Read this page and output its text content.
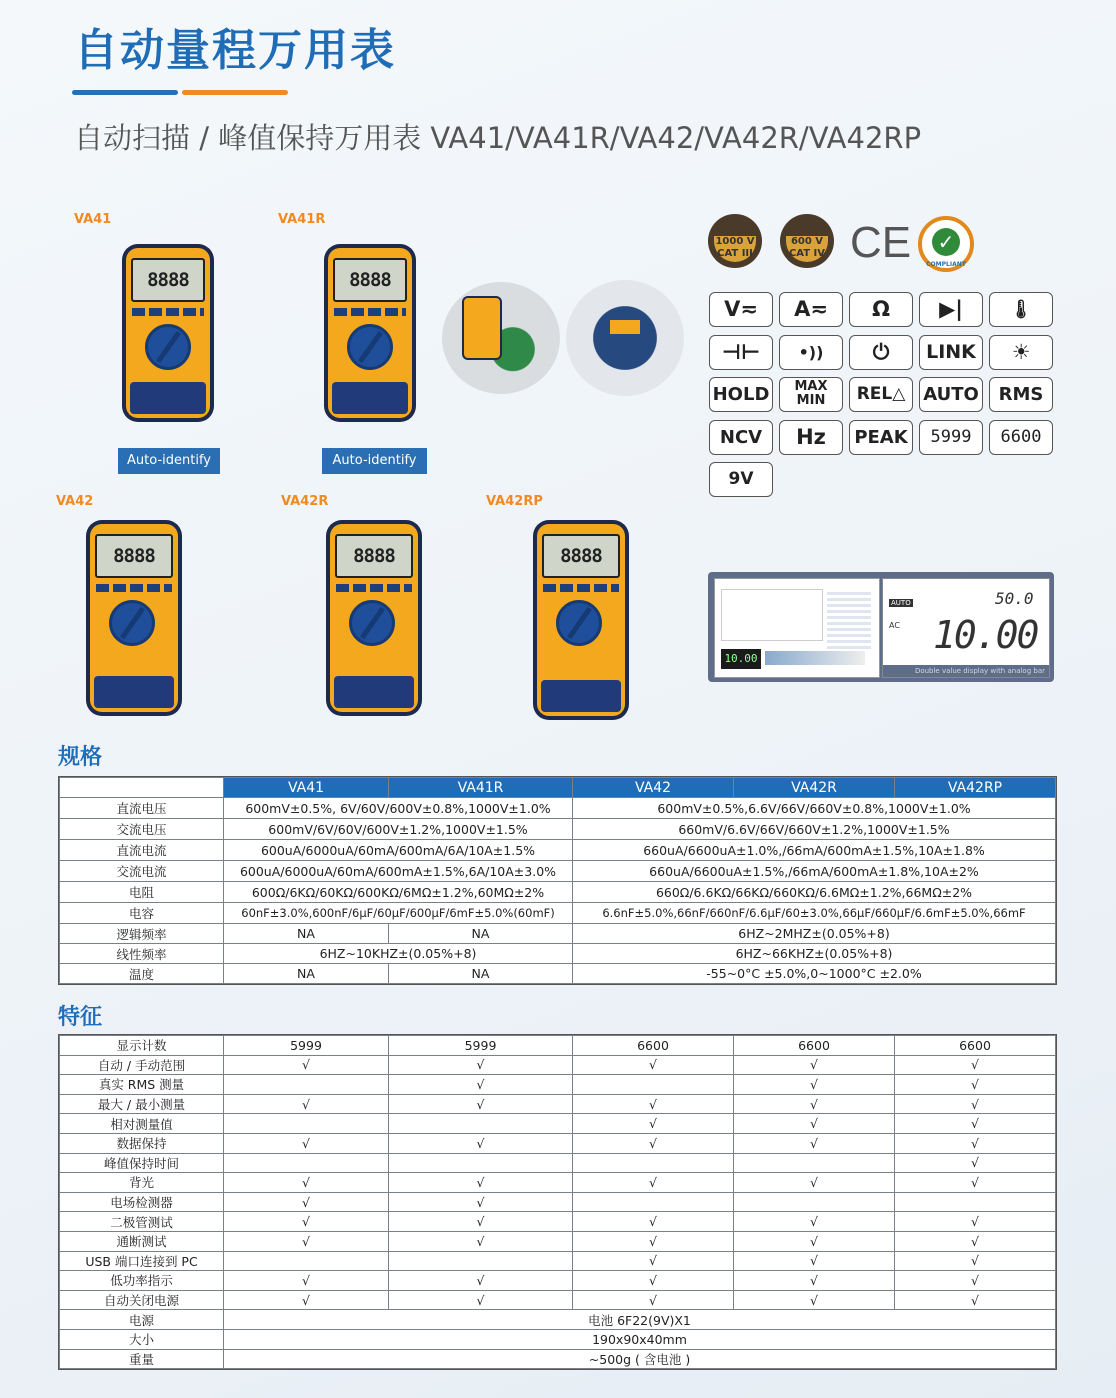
自动量程万用表
自动扫描 / 峰值保持万用表 VA41/VA41R/VA42/VA42R/VA42RP
VA41	VA41R
VA42	VA42R	VA42RP
8888	8888
8888	8888	8888
Auto-identify	Auto-identify
1000 V
CAT III
600 V
CAT IV CE ✓
COMPLIANT
V≂	A≂	Ω	▶|	🌡
⊣⊢	•))	⏻	LINK	☀
HOLD	MAX MIN	REL△ AUTO	RMS
NCV	Hz	PEAK	5999	6600
9V
10.00
AUTO
AC
50.0
10.00
Double value display with analog bar
规格
	VA41	VA41R	VA42	VA42R	VA42RP
直流电压	600mV±0.5%, 6V/60V/600V±0.8%,1000V±1.0%		600mV±0.5%,6.6V/66V/660V±0.8%,1000V±1.0%		
交流电压	600mV/6V/60V/600V±1.2%,1000V±1.5%		660mV/6.6V/66V/660V±1.2%,1000V±1.5%		
直流电流	600uA/6000uA/60mA/600mA/6A/10A±1.5%		660uA/6600uA±1.0%,/66mA/600mA±1.5%,10A±1.8%		
交流电流	600uA/6000uA/60mA/600mA±1.5%,6A/10A±3.0%		660uA/6600uA±1.5%,/66mA/600mA±1.8%,10A±2%		
电阻	600Ω/6KΩ/60KΩ/600KΩ/6MΩ±1.2%,60MΩ±2%		660Ω/6.6KΩ/66KΩ/660KΩ/6.6MΩ±1.2%,66MΩ±2%		
电容	60nF±3.0%,600nF/6μF/60μF/600μF/6mF±5.0%(60mF)		6.6nF±5.0%,66nF/660nF/6.6μF/60±3.0%,66μF/660μF/6.6mF±5.0%,66mF		
逻辑频率	NA	NA	6HZ~2MHZ±(0.05%+8)		
线性频率	6HZ~10KHZ±(0.05%+8)		6HZ~66KHZ±(0.05%+8)		
温度	NA	NA	-55~0°C ±5.0%,0~1000°C ±2.0%		
特征
显示计数	5999	5999	6600	6600	6600
自动 / 手动范围	√	√	√	√	√
真实 RMS 测量		√		√	√
最大 / 最小测量	√	√	√	√	√
相对测量值			√	√	√
数据保持	√	√	√	√	√
峰值保持时间					√
背光	√	√	√	√	√
电场检测器	√	√			
二极管测试	√	√	√	√	√
通断测试	√	√	√	√	√
USB 端口连接到 PC			√	√	√
低功率指示	√	√	√	√	√
自动关闭电源	√	√	√	√	√
电源	电池 6F22(9V)X1				
大小	190x90x40mm				
重量	~500g ( 含电池 )				
